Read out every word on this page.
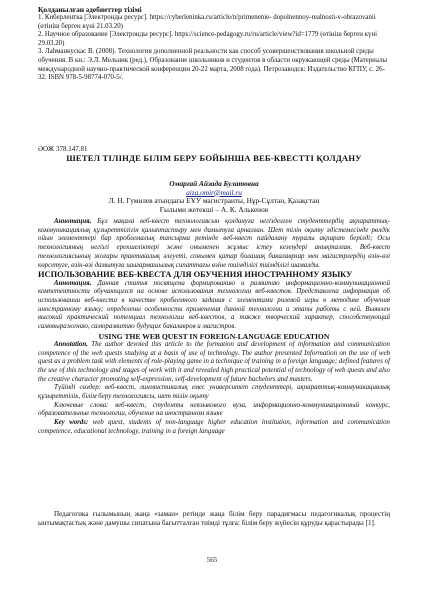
Қолданылған әдебиеттер тізімі

1. Киберлентка [Электронды ресурс]. https://cyberleninka.ru/article/n/primenenie- dopolnennoy-realnosti-v-obrazovanii (өтініш берген күні 21.03.20)

2. Научное образование [Электронды ресурс]. https://science-pedagogy.ru/ru/article/view?id=1779 (өтініш берген күні 29.03.20)

3. Лаһманкускас В. (2008). Технология дополненной реальности как способ усовершенствования школьной среды обучения. В кн.: Э.Л. Мельник (ред.), Образование школьников и студентов в области окружающей среды (Материалы международной научно-практической конференции 20-22 марта, 2008 года). Петрозаводск: Издательство КГПУ, с. 26-32. ISBN 978-5-98774-070-5/.

ӘОЖ 378.147.81
ШЕТЕЛ ТІЛІНДЕ БІЛІМ БЕРУ БОЙЫНША ВЕБ-КВЕСТТІ ҚОЛДАНУ
Омарғай Айзада Булатовна
aiza.omir@mail.ru
Л. Н. Гумилев атындағы ЕҰУ магистранты, Нұр-Сұлтан, Қазақстан
Ғылыми жетекші – А. К. Алькенов

Аннотация. Бұл мақала веб-квест технологиясын қолдануға негізделген студенттердің ақпараттық-коммуникациялық құзыреттілігін қалыптастыру мен дамытуға арналған. Шет тілін оқыту әдістемесінде рөлдік ойын элементтері бар проблемалық тапсырма ретінде веб-квест пайдалану туралы ақпарат берілді; Осы технологияның негізгі ерекшеліктері және оныменен жұмыс істеу кезеңдері анықталған. Веб-квест технологиясының жоғары практикалық әлеуеті, сонымен қатар болашақ бакалаврлар мен магистрлердің өзін-өзі көрсетуге, өзін-өзі дамытуға шығармашылық сипаттағы өзіне тиімділігі тиімділігі шамалды.

ИСПОЛЬЗОВАНИЕ ВЕБ-КВЕСТА ДЛЯ ОБУЧЕНИЯ ИНОСТРАННОМУ ЯЗЫКУ

Аннотация. Данная статья посвящена формированию и развитию информационно-коммуникационной компетентности обучающихся на основе использования технологии веб-квестов. Представлена информация об использовании веб-квеста в качестве проблемного задания с элементами ролевой игры в методике обучения иностранному языку; определены особенности применения данной технологии и этапы работы с ней. Выявлен высокий практический потенциал технологии веб-квестов, а также творческий характер, способствующий самовыражению, саморазвитию будущих бакалавров и магистров.

USING THE WEB QUEST IN FOREIGN-LANGUAGE EDUCATION

Annotation. The author devoted this article to the formation and development of information and communication competence of the web quests studying at a basis of use of technology. The author presented Information on the use of web quest as a problem task with elements of role-playing game in a technique of training in a foreign language; defined features of the use of this technology and stages of work with it and revealed high practical potential of technology of web quests and also the creative character promoting self-expression, self-development of future bachelors and masters.

Түйінді сөздер: веб-квест, лингвистикалық емес университет студенттері, ақпараттық-коммуникациялық құзыреттілік, білім беру технологиясы, шет тілін оқыту

Ключевые слова: веб-квест, студенты неязыкового вуза, информационно-коммуникационный конкурс, образовательные технологии, обучение на иностранном языке

Key words: web quest, students of non-language higher education institution, information and communication competence, educational technology, training in a foreign language

Педагогика ғылымының жаңа «заман» ретінде жаңа білім беру парадигмасы педагогикалық процестің ынтымақтастық және дамушы сипатына бағытталған тиімді тұлға: білім беру жүйесін құруды қарастырады [1].

565
